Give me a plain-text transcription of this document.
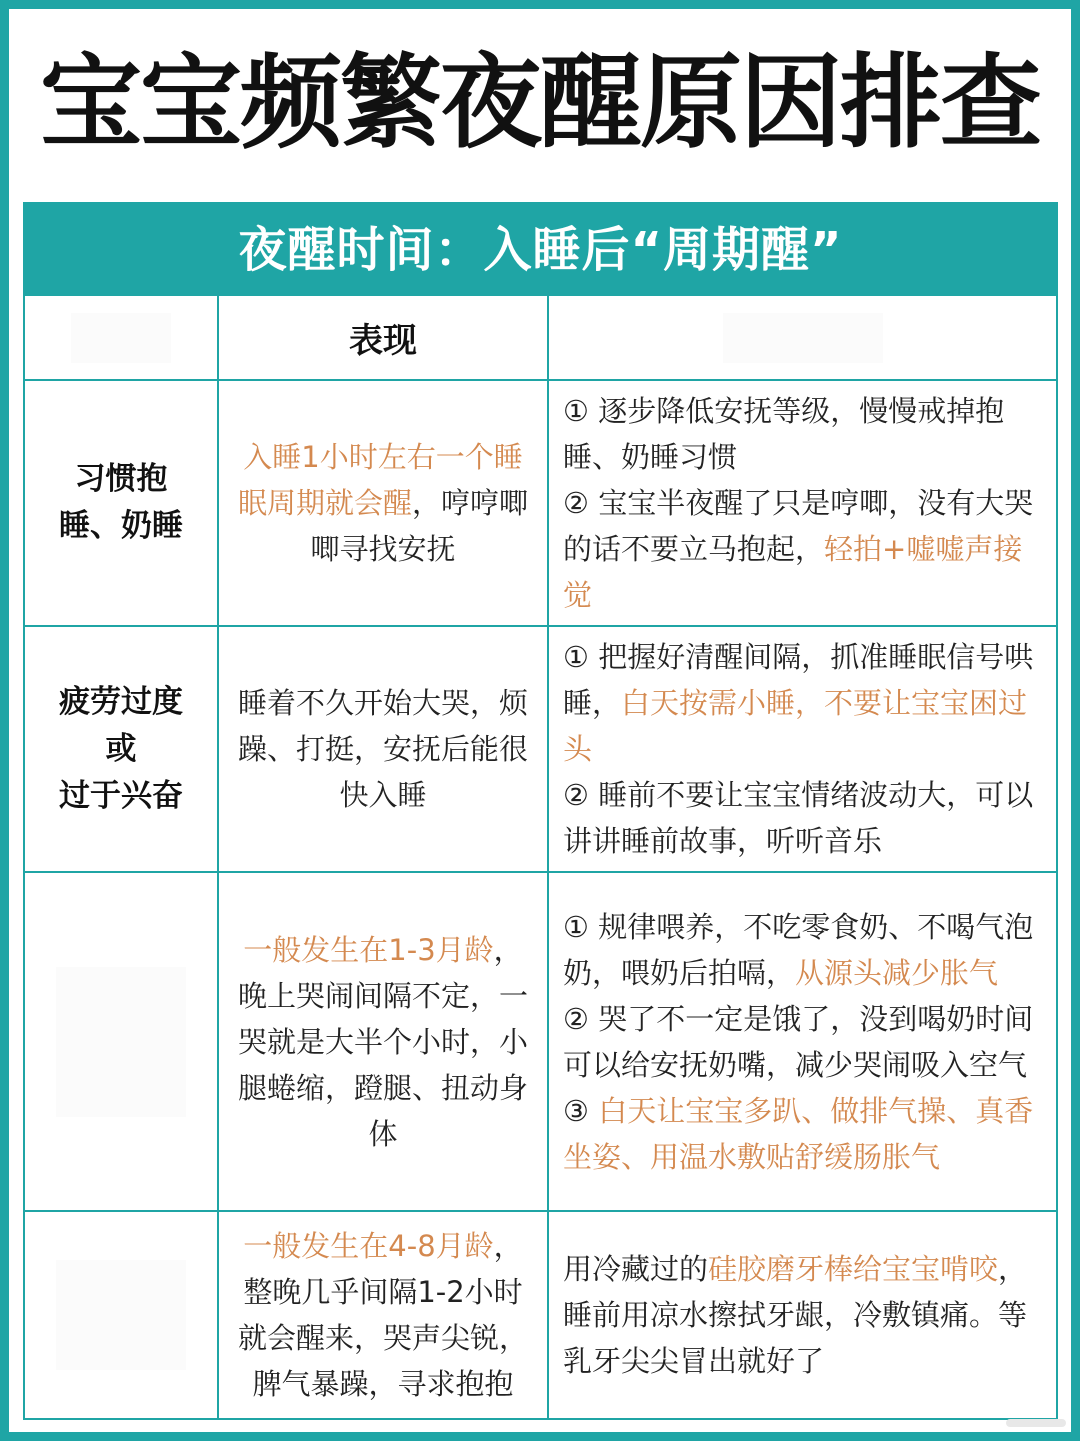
宝宝频繁夜醒原因排查
夜醒时间：入睡后“周期醒”
表现
习惯抱睡、奶睡
入睡1小时左右一个睡眠周期就会醒，哼哼唧唧寻找安抚
① 逐步降低安抚等级，慢慢戒掉抱睡、奶睡习惯
② 宝宝半夜醒了只是哼唧，没有大哭的话不要立马抱起，轻拍+嘘嘘声接觉
疲劳过度
或
过于兴奋
睡着不久开始大哭，烦躁、打挺，安抚后能很快入睡
① 把握好清醒间隔，抓准睡眠信号哄睡，白天按需小睡，不要让宝宝困过头
② 睡前不要让宝宝情绪波动大，可以讲讲睡前故事，听听音乐
一般发生在1-3月龄，晚上哭闹间隔不定，一哭就是大半个小时，小腿蜷缩，蹬腿、扭动身体
① 规律喂养，不吃零食奶、不喝气泡奶，喂奶后拍嗝，从源头减少胀气
② 哭了不一定是饿了，没到喝奶时间可以给安抚奶嘴，减少哭闹吸入空气
③ 白天让宝宝多趴、做排气操、真香坐姿、用温水敷贴舒缓肠胀气
一般发生在4-8月龄，整晚几乎间隔1-2小时就会醒来，哭声尖锐，脾气暴躁，寻求抱抱
用冷藏过的硅胶磨牙棒给宝宝啃咬，睡前用凉水擦拭牙龈，冷敷镇痛。等乳牙尖尖冒出就好了
